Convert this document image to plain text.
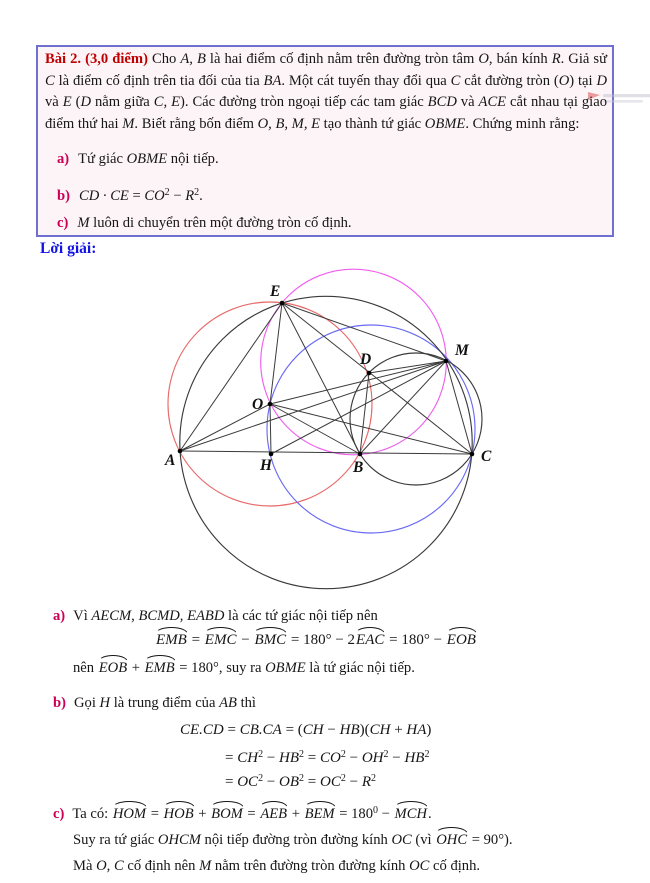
Bài 2. (3,0 điểm) Cho A, B là hai điểm cố định nằm trên đường tròn tâm O, bán kính R. Giả sử C là điểm cố định trên tia đối của tia BA. Một cát tuyến thay đổi qua C cắt đường tròn (O) tại D và E (D nằm giữa C, E). Các đường tròn ngoại tiếp các tam giác BCD và ACE cắt nhau tại giao điểm thứ hai M. Biết rằng bốn điểm O, B, M, E tạo thành tứ giác OBME. Chứng minh rằng:
a) Tứ giác OBME nội tiếp.
b) CD · CE = $CO^2 - R^2$.
c) M luôn di chuyển trên một đường tròn cố định.
Lời giải:
A	H	B
C
O
E
D
M
a) Vì AECM, BCMD, EABD là các tứ giác nội tiếp nên
EMB = EMC − BMC = 180° − 2EAC = 180° − EOB
nên EOB + EMB = 180°, suy ra OBME là tứ giác nội tiếp.
b) Gọi H là trung điểm của AB thì
CE.CD = CB.CA = (CH − HB)(CH + HA)
= $CH^2 - HB^2 = CO^2 - OH^2 - HB^2$
= $OC^2 - OB^2 = OC^2 - R^2$
c) Ta có: HOM = HOB + BOM = AEB + BEM = $180^0$ − MCH.
Suy ra tứ giác OHCM nội tiếp đường tròn đường kính OC (vì OHC = 90°).
Mà O, C cố định nên M nằm trên đường tròn đường kính OC cố định.
